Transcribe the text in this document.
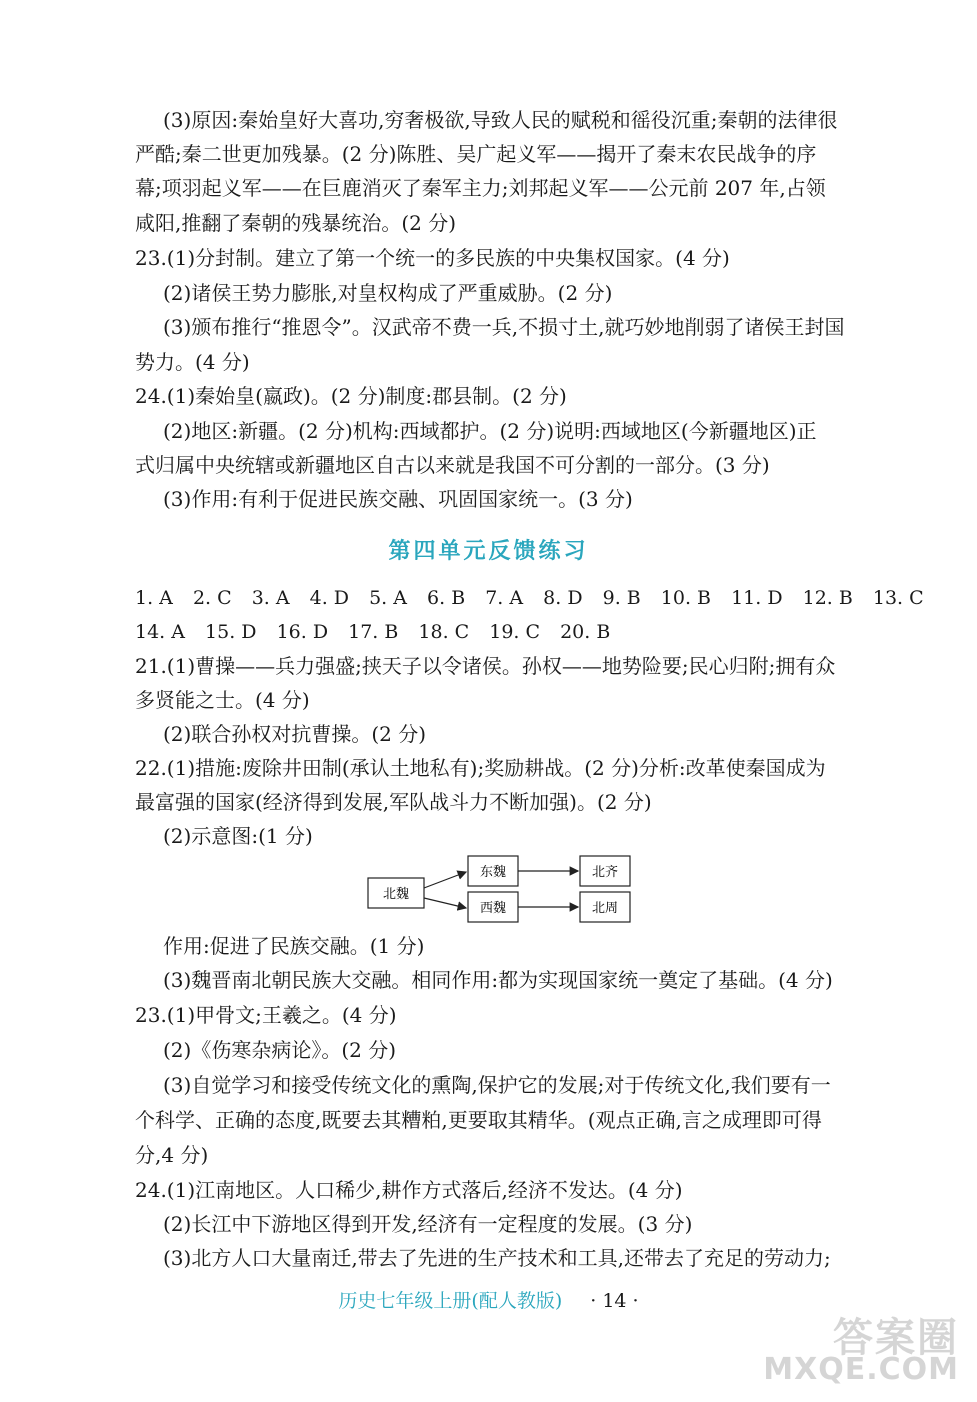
(3)原因:秦始皇好大喜功,穷奢极欲,导致人民的赋税和徭役沉重;秦朝的法律很
严酷;秦二世更加残暴。(2 分)陈胜、吴广起义军——揭开了秦末农民战争的序
幕;项羽起义军——在巨鹿消灭了秦军主力;刘邦起义军——公元前 207 年,占领
咸阳,推翻了秦朝的残暴统治。(2 分)
23.(1)分封制。建立了第一个统一的多民族的中央集权国家。(4 分)
(2)诸侯王势力膨胀,对皇权构成了严重威胁。(2 分)
(3)颁布推行“推恩令”。汉武帝不费一兵,不损寸土,就巧妙地削弱了诸侯王封国
势力。(4 分)
24.(1)秦始皇(嬴政)。(2 分)制度:郡县制。(2 分)
(2)地区:新疆。(2 分)机构:西域都护。(2 分)说明:西域地区(今新疆地区)正
式归属中央统辖或新疆地区自古以来就是我国不可分割的一部分。(3 分)
(3)作用:有利于促进民族交融、巩固国家统一。(3 分)
第四单元反馈练习
1. A 2. C 3. A 4. D 5. A 6. B 7. A 8. D 9. B 10. B 11. D 12. B 13. C
14. A 15. D 16. D 17. B 18. C 19. C 20. B
21.(1)曹操——兵力强盛;挟天子以令诸侯。孙权——地势险要;民心归附;拥有众
多贤能之士。(4 分)
(2)联合孙权对抗曹操。(2 分)
22.(1)措施:废除井田制(承认土地私有);奖励耕战。(2 分)分析:改革使秦国成为
最富强的国家(经济得到发展,军队战斗力不断加强)。(2 分)
(2)示意图:(1 分)
北魏
东魏
西魏
北齐
北周
作用:促进了民族交融。(1 分)
(3)魏晋南北朝民族大交融。相同作用:都为实现国家统一奠定了基础。(4 分)
23.(1)甲骨文;王羲之。(4 分)
(2)《伤寒杂病论》。(2 分)
(3)自觉学习和接受传统文化的熏陶,保护它的发展;对于传统文化,我们要有一
个科学、正确的态度,既要去其糟粕,更要取其精华。(观点正确,言之成理即可得
分,4 分)
24.(1)江南地区。人口稀少,耕作方式落后,经济不发达。(4 分)
(2)长江中下游地区得到开发,经济有一定程度的发展。(3 分)
(3)北方人口大量南迁,带去了先进的生产技术和工具,还带去了充足的劳动力;
历史七年级上册(配人教版) · 14 ·
答案圈
MXQE.COM
